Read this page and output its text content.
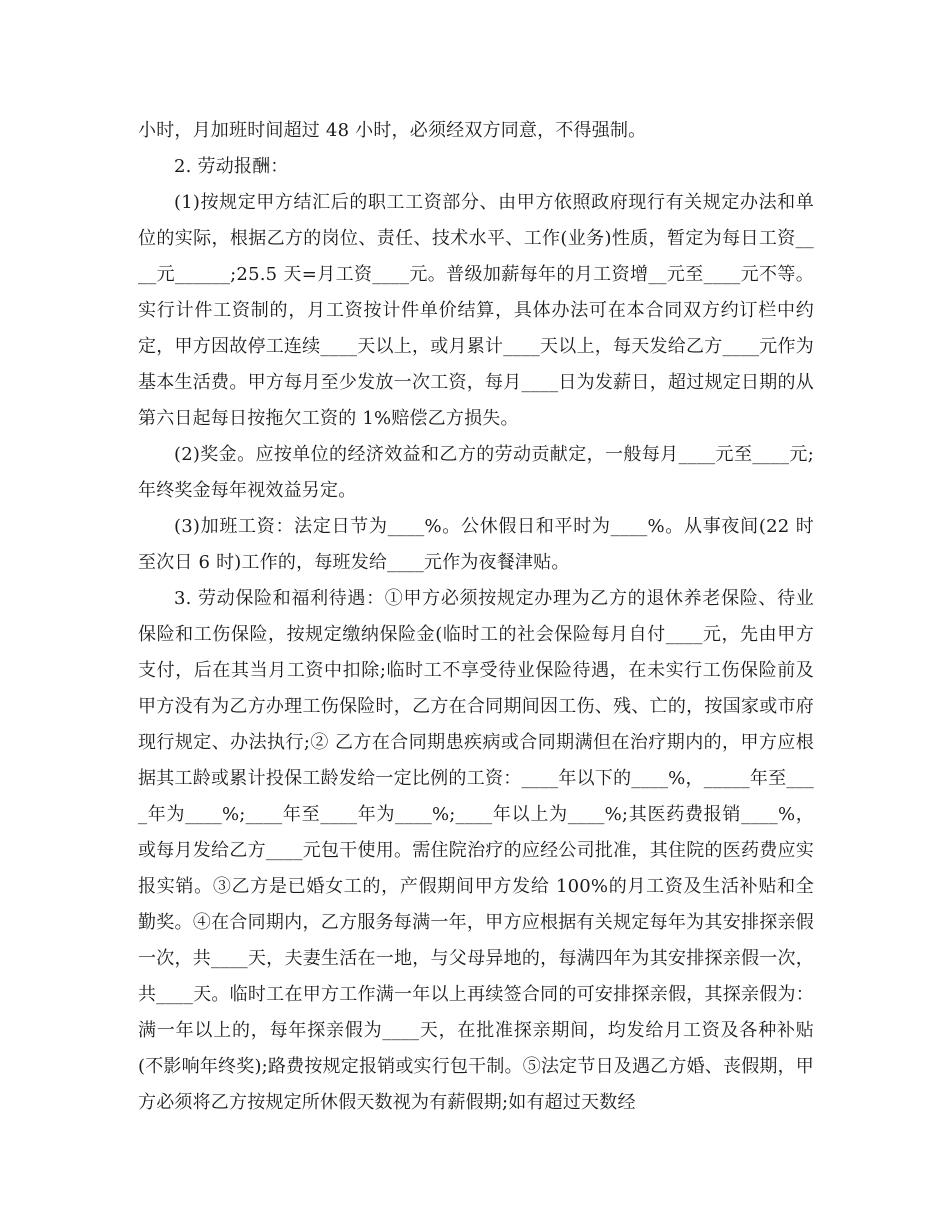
小时，月加班时间超过 48 小时，必须经双方同意，不得强制。

2. 劳动报酬：

(1)按规定甲方结汇后的职工工资部分、由甲方依照政府现行有关规定办法和单位的实际，根据乙方的岗位、责任、技术水平、工作(业务)性质，暂定为每日工资____元______;25.5 天=月工资____元。普级加薪每年的月工资增__元至____元不等。实行计件工资制的，月工资按计件单价结算，具体办法可在本合同双方约订栏中约定，甲方因故停工连续____天以上，或月累计____天以上，每天发给乙方____元作为基本生活费。甲方每月至少发放一次工资，每月____日为发薪日，超过规定日期的从第六日起每日按拖欠工资的 1%赔偿乙方损失。

(2)奖金。应按单位的经济效益和乙方的劳动贡献定，一般每月____元至____元;年终奖金每年视效益另定。

(3)加班工资：法定日节为____%。公休假日和平时为____%。从事夜间(22 时至次日 6 时)工作的，每班发给____元作为夜餐津贴。

3. 劳动保险和福利待遇：①甲方必须按规定办理为乙方的退休养老保险、待业保险和工伤保险，按规定缴纳保险金(临时工的社会保险每月自付____元，先由甲方支付，后在其当月工资中扣除;临时工不享受待业保险待遇，在未实行工伤保险前及甲方没有为乙方办理工伤保险时，乙方在合同期间因工伤、残、亡的，按国家或市府现行规定、办法执行;② 乙方在合同期患疾病或合同期满但在治疗期内的，甲方应根据其工龄或累计投保工龄发给一定比例的工资：____年以下的____%，_____年至____年为____%;____年至____年为____%;____年以上为____%;其医药费报销____%，或每月发给乙方____元包干使用。需住院治疗的应经公司批准，其住院的医药费应实报实销。③乙方是已婚女工的，产假期间甲方发给 100%的月工资及生活补贴和全勤奖。④在合同期内，乙方服务每满一年，甲方应根据有关规定每年为其安排探亲假一次，共____天，夫妻生活在一地，与父母异地的，每满四年为其安排探亲假一次，共____天。临时工在甲方工作满一年以上再续签合同的可安排探亲假，其探亲假为：满一年以上的，每年探亲假为____天，在批准探亲期间，均发给月工资及各种补贴(不影响年终奖);路费按规定报销或实行包干制。⑤法定节日及遇乙方婚、丧假期，甲方必须将乙方按规定所休假天数视为有薪假期;如有超过天数经
